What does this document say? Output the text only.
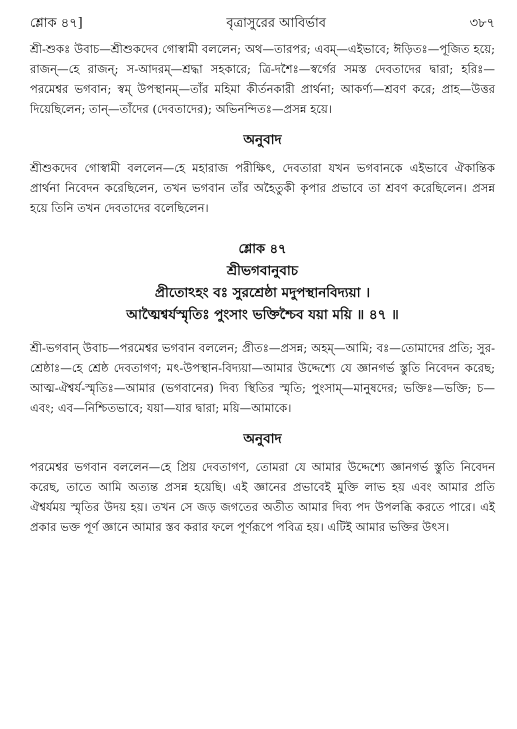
শ্লোক ৪৭]	বৃত্রাসুরের আবির্ভাব	৩৮৭

শ্রী-শুকঃ উবাচ—শ্রীশুকদেব গোস্বামী বললেন; অথ—তারপর; এবম্—এইভাবে; ঈড়িতঃ—পূজিত হয়ে; রাজন্—হে রাজন্; স-আদরম্—শ্রদ্ধা সহকারে; ত্রি-দশৈঃ—স্বর্গের সমস্ত দেবতাদের দ্বারা; হরিঃ—পরমেশ্বর ভগবান; স্বম্ উপস্থানম্—তাঁর মহিমা কীর্তনকারী প্রার্থনা; আকর্ণ্য—শ্রবণ করে; প্রাহ—উত্তর দিয়েছিলেন; তান্—তাঁদের (দেবতাদের); অভিনন্দিতঃ—প্রসন্ন হয়ে।

অনুবাদ

শ্রীশুকদেব গোস্বামী বললেন—হে মহারাজ পরীক্ষিৎ, দেবতারা যখন ভগবানকে এইভাবে ঐকান্তিক প্রার্থনা নিবেদন করেছিলেন, তখন ভগবান তাঁর অহৈতুকী কৃপার প্রভাবে তা শ্রবণ করেছিলেন। প্রসন্ন হয়ে তিনি তখন দেবতাদের বলেছিলেন।

শ্লোক ৪৭
শ্রীভগবানুবাচ
প্রীতোঽহং বঃ সুরশ্রেষ্ঠা মদুপস্থানবিদ্যয়া ।
আত্মৈশ্বর্যস্মৃতিঃ পুংসাং ভক্তিশ্চৈব যয়া ময়ি ॥ ৪৭ ॥

শ্রী-ভগবান্ উবাচ—পরমেশ্বর ভগবান বললেন; প্রীতঃ—প্রসন্ন; অহম্—আমি; বঃ—তোমাদের প্রতি; সুর-শ্রেষ্ঠাঃ—হে শ্রেষ্ঠ দেবতাগণ; মৎ-উপস্থান-বিদ্যয়া—আমার উদ্দেশ্যে যে জ্ঞানগর্ভ স্তুতি নিবেদন করেছ; আত্ম-ঐশ্বর্য-স্মৃতিঃ—আমার (ভগবানের) দিব্য স্থিতির স্মৃতি; পুংসাম্—মানুষদের; ভক্তিঃ—ভক্তি; চ—এবং; এব—নিশ্চিতভাবে; যয়া—যার দ্বারা; ময়ি—আমাকে।

অনুবাদ

পরমেশ্বর ভগবান বললেন—হে প্রিয় দেবতাগণ, তোমরা যে আমার উদ্দেশ্যে জ্ঞানগর্ভ স্তুতি নিবেদন করেছ, তাতে আমি অত্যন্ত প্রসন্ন হয়েছি। এই জ্ঞানের প্রভাবেই মুক্তি লাভ হয় এবং আমার প্রতি ঐশ্বর্যময় স্মৃতির উদয় হয়। তখন সে জড় জগতের অতীত আমার দিব্য পদ উপলব্ধি করতে পারে। এই প্রকার ভক্ত পূর্ণ জ্ঞানে আমার স্তব করার ফলে পূর্ণরূপে পবিত্র হয়। এটিই আমার ভক্তির উৎস।
